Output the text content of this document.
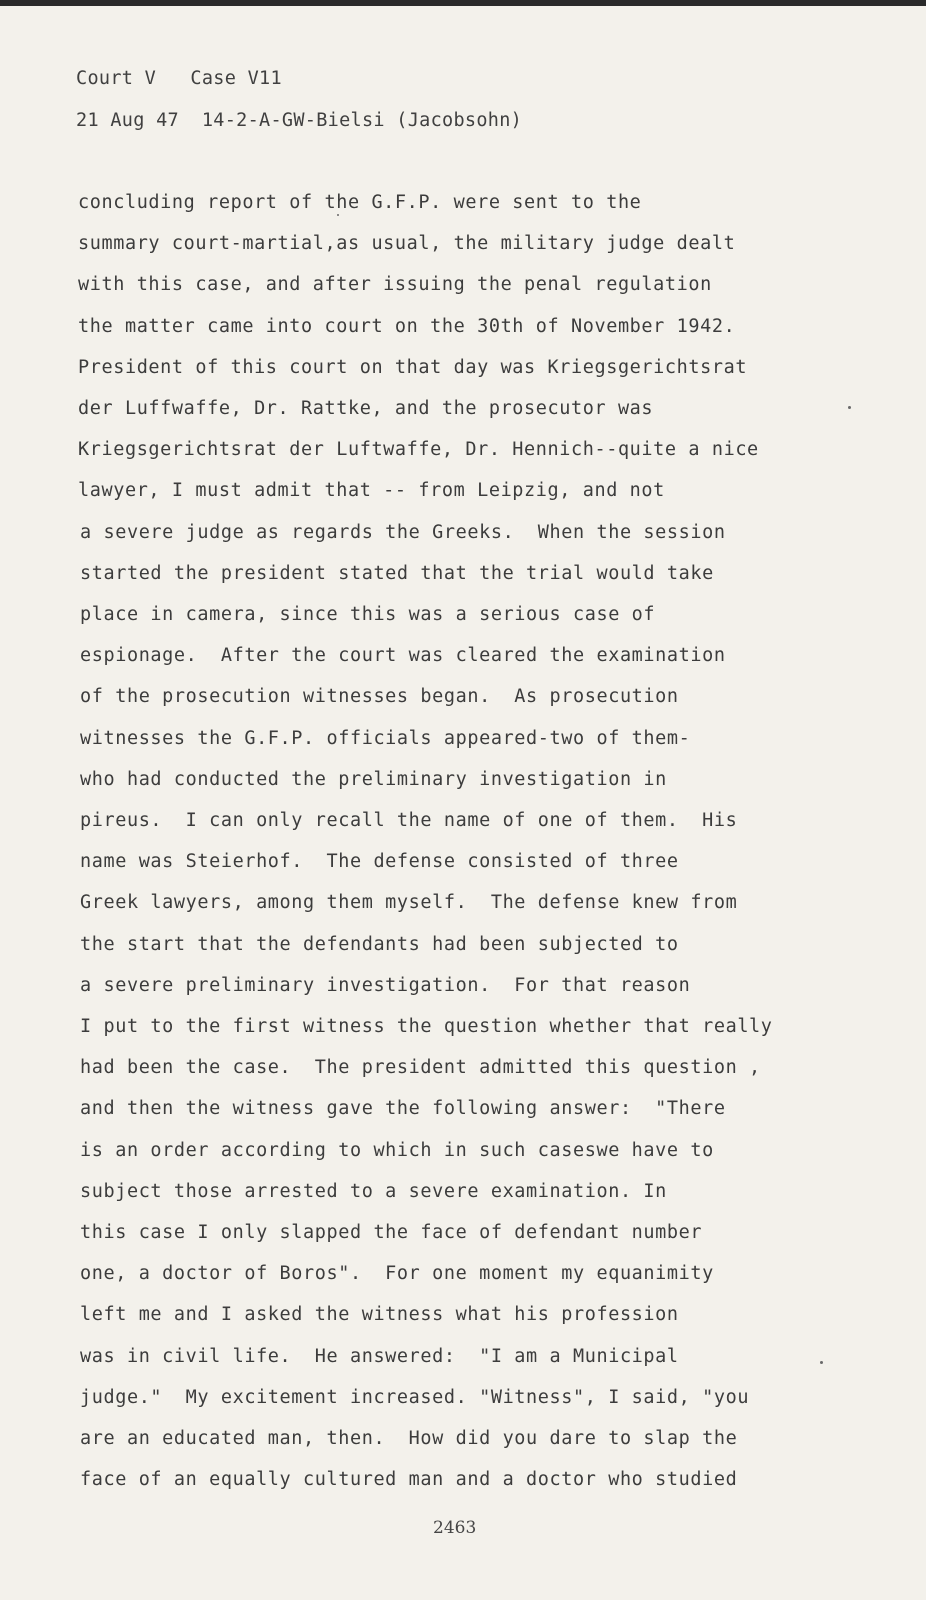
Court V   Case V11
21 Aug 47  14-2-A-GW-Bielsi (Jacobsohn)
concluding report of the G.F.P. were sent to the
summary court-martial,as usual, the military judge dealt
with this case, and after issuing the penal regulation
the matter came into court on the 30th of November 1942.
President of this court on that day was Kriegsgerichtsrat
der Luffwaffe, Dr. Rattke, and the prosecutor was
Kriegsgerichtsrat der Luftwaffe, Dr. Hennich--quite a nice
lawyer, I must admit that -- from Leipzig, and not
a severe judge as regards the Greeks.  When the session
started the president stated that the trial would take
place in camera, since this was a serious case of
espionage.  After the court was cleared the examination
of the prosecution witnesses began.  As prosecution
witnesses the G.F.P. officials appeared-two of them-
who had conducted the preliminary investigation in
pireus.  I can only recall the name of one of them.  His
name was Steierhof.  The defense consisted of three
Greek lawyers, among them myself.  The defense knew from
the start that the defendants had been subjected to
a severe preliminary investigation.  For that reason
I put to the first witness the question whether that really
had been the case.  The president admitted this question ,
and then the witness gave the following answer:  "There
is an order according to which in such caseswe have to
subject those arrested to a severe examination. In
this case I only slapped the face of defendant number
one, a doctor of Boros".  For one moment my equanimity
left me and I asked the witness what his profession
was in civil life.  He answered:  "I am a Municipal
judge."  My excitement increased. "Witness", I said, "you
are an educated man, then.  How did you dare to slap the
face of an equally cultured man and a doctor who studied
2463
